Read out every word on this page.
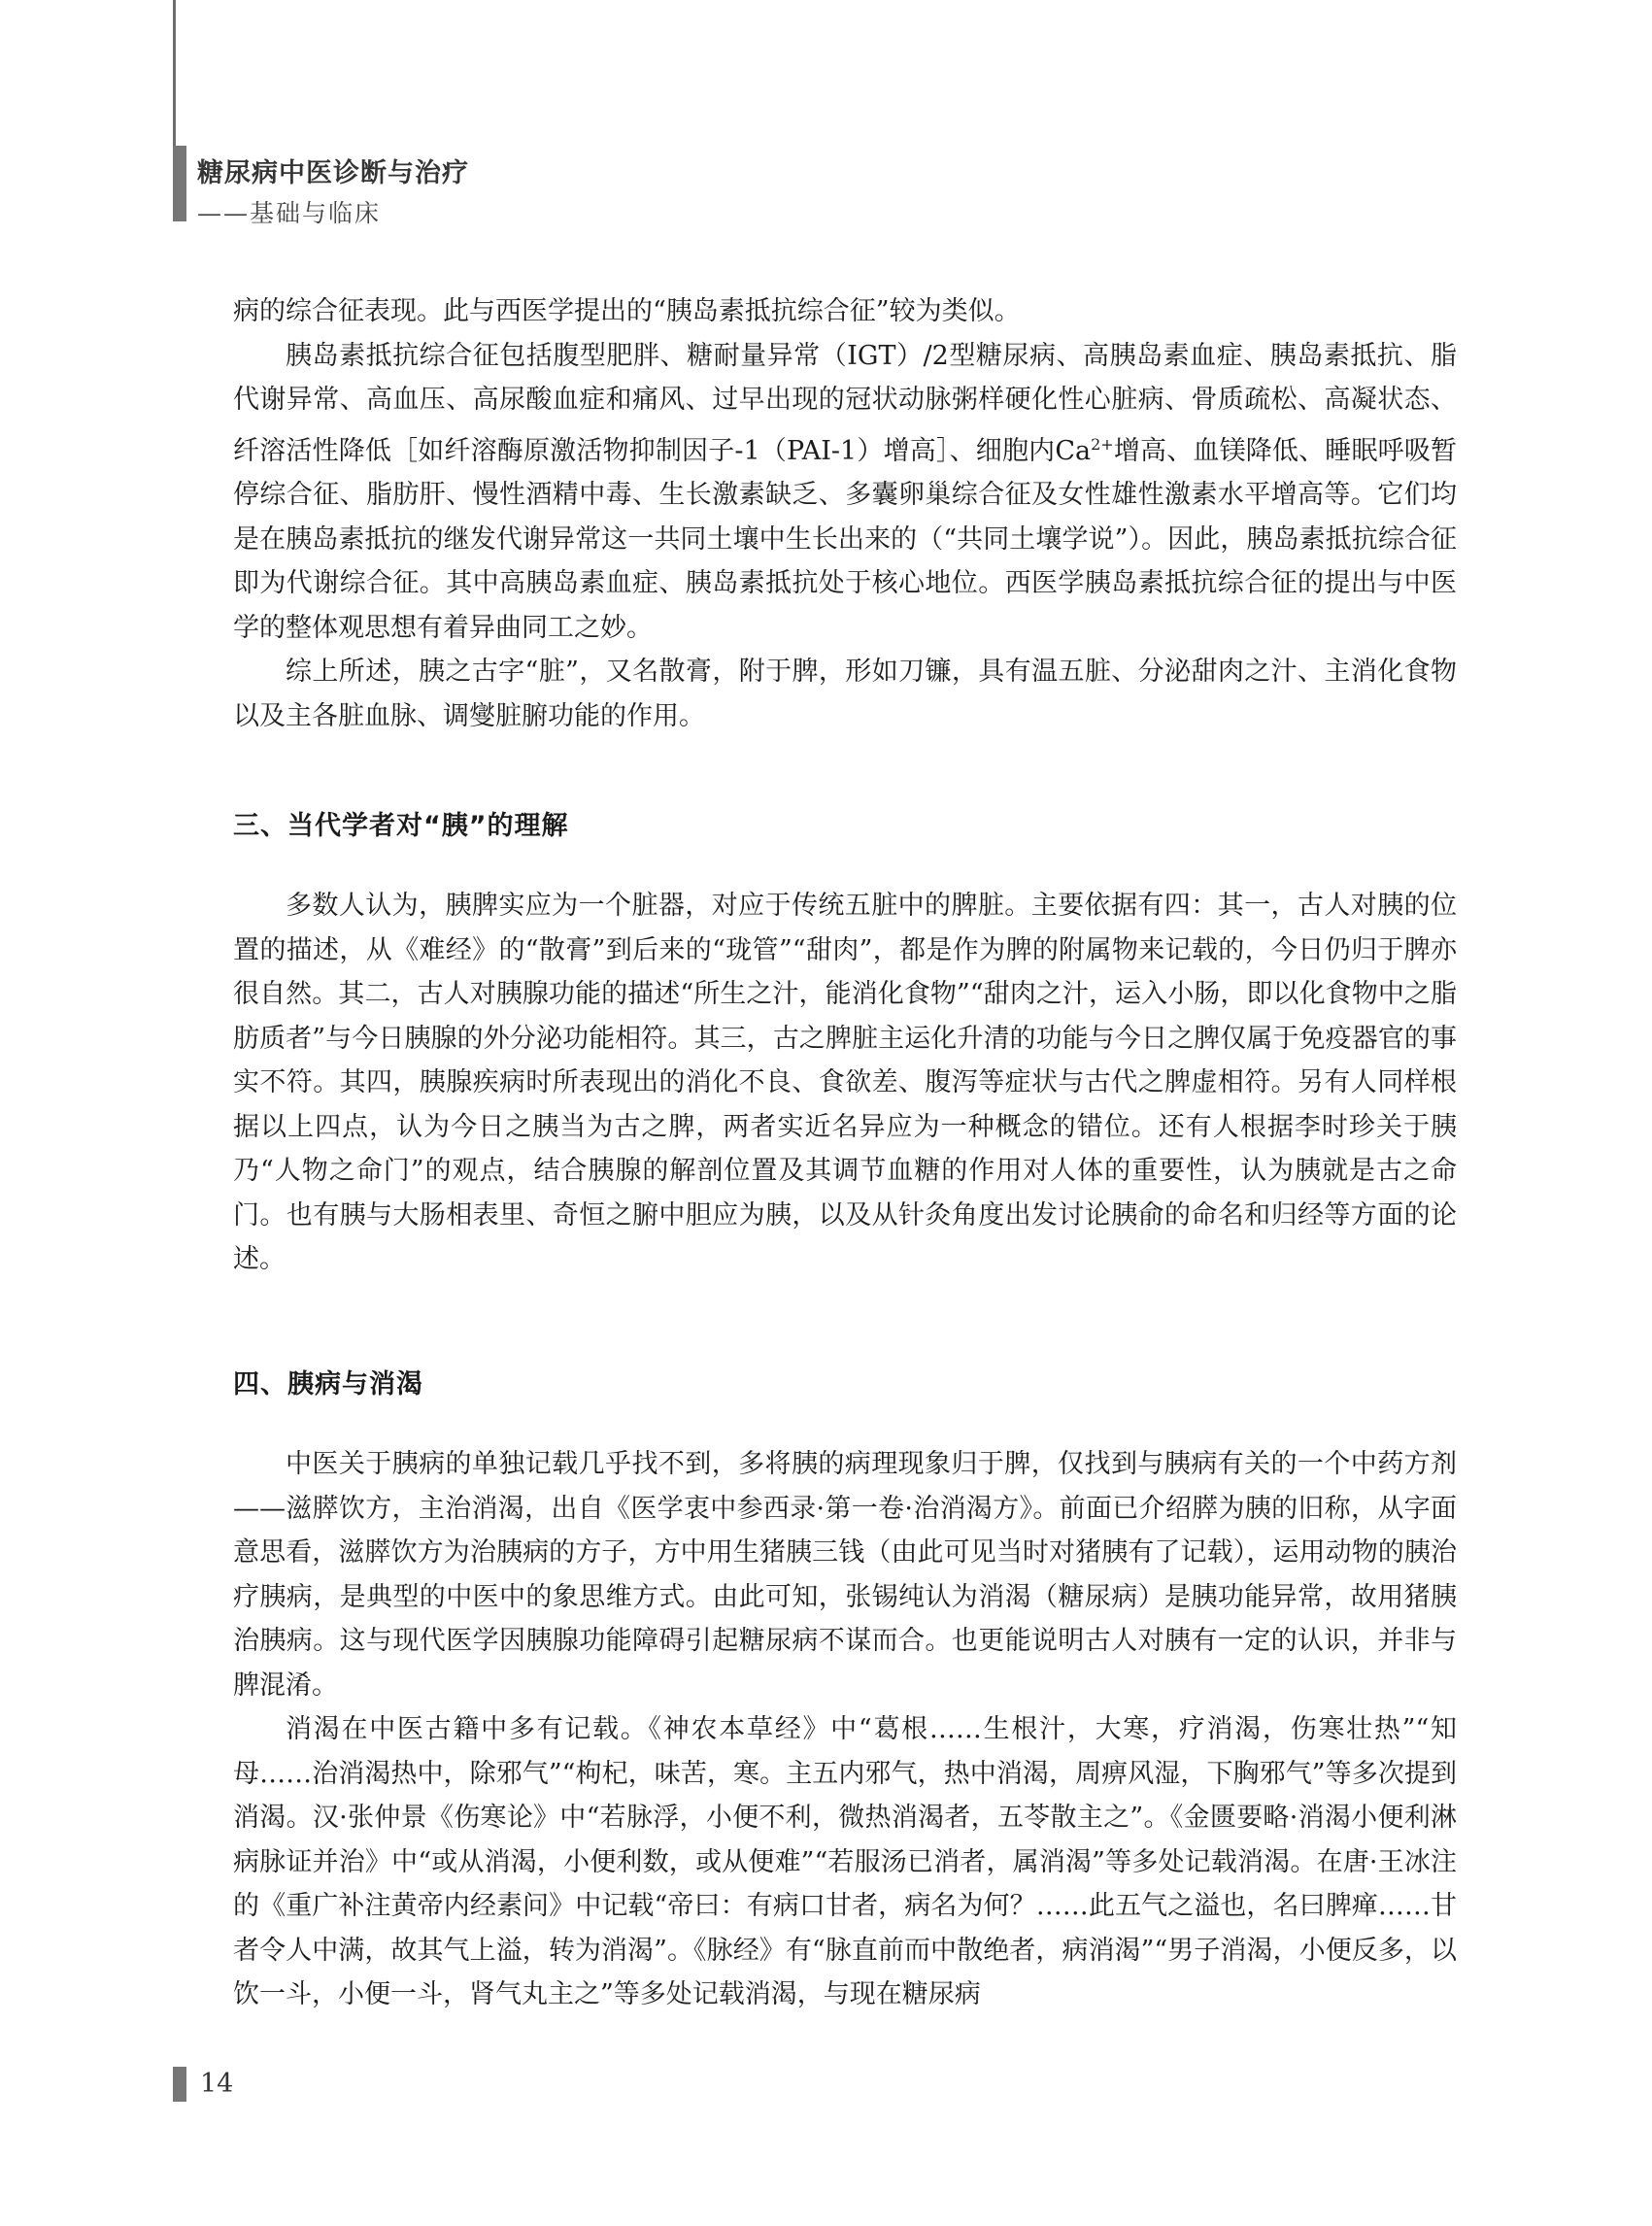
糖尿病中医诊断与治疗
——基础与临床

病的综合征表现。此与西医学提出的“胰岛素抵抗综合征”较为类似。

胰岛素抵抗综合征包括腹型肥胖、糖耐量异常（IGT）/2型糖尿病、高胰岛素血症、胰岛素抵抗、脂代谢异常、高血压、高尿酸血症和痛风、过早出现的冠状动脉粥样硬化性心脏病、骨质疏松、高凝状态、纤溶活性降低［如纤溶酶原激活物抑制因子-1（PAI-1）增高］、细胞内$Ca^{2+}$增高、血镁降低、睡眠呼吸暂停综合征、脂肪肝、慢性酒精中毒、生长激素缺乏、多囊卵巢综合征及女性雄性激素水平增高等。它们均是在胰岛素抵抗的继发代谢异常这一共同土壤中生长出来的（“共同土壤学说”）。因此，胰岛素抵抗综合征即为代谢综合征。其中高胰岛素血症、胰岛素抵抗处于核心地位。西医学胰岛素抵抗综合征的提出与中医学的整体观思想有着异曲同工之妙。

综上所述，胰之古字“脏”，又名散膏，附于脾，形如刀镰，具有温五脏、分泌甜肉之汁、主消化食物以及主各脏血脉、调燮脏腑功能的作用。

三、当代学者对“胰”的理解

多数人认为，胰脾实应为一个脏器，对应于传统五脏中的脾脏。主要依据有四：其一，古人对胰的位置的描述，从《难经》的“散膏”到后来的“珑管”“甜肉”，都是作为脾的附属物来记载的，今日仍归于脾亦很自然。其二，古人对胰腺功能的描述“所生之汁，能消化食物”“甜肉之汁，运入小肠，即以化食物中之脂肪质者”与今日胰腺的外分泌功能相符。其三，古之脾脏主运化升清的功能与今日之脾仅属于免疫器官的事实不符。其四，胰腺疾病时所表现出的消化不良、食欲差、腹泻等症状与古代之脾虚相符。另有人同样根据以上四点，认为今日之胰当为古之脾，两者实近名异应为一种概念的错位。还有人根据李时珍关于胰乃“人物之命门”的观点，结合胰腺的解剖位置及其调节血糖的作用对人体的重要性，认为胰就是古之命门。也有胰与大肠相表里、奇恒之腑中胆应为胰，以及从针灸角度出发讨论胰俞的命名和归经等方面的论述。

四、胰病与消渴

中医关于胰病的单独记载几乎找不到，多将胰的病理现象归于脾，仅找到与胰病有关的一个中药方剂——滋膵饮方，主治消渴，出自《医学衷中参西录·第一卷·治消渴方》。前面已介绍膵为胰的旧称，从字面意思看，滋膵饮方为治胰病的方子，方中用生猪胰三钱（由此可见当时对猪胰有了记载），运用动物的胰治疗胰病，是典型的中医中的象思维方式。由此可知，张锡纯认为消渴（糖尿病）是胰功能异常，故用猪胰治胰病。这与现代医学因胰腺功能障碍引起糖尿病不谋而合。也更能说明古人对胰有一定的认识，并非与脾混淆。

消渴在中医古籍中多有记载。《神农本草经》中“葛根……生根汁，大寒，疗消渴，伤寒壮热”“知母……治消渴热中，除邪气”“枸杞，味苦，寒。主五内邪气，热中消渴，周痹风湿，下胸邪气”等多次提到消渴。汉·张仲景《伤寒论》中“若脉浮，小便不利，微热消渴者，五苓散主之”。《金匮要略·消渴小便利淋病脉证并治》中“或从消渴，小便利数，或从便难”“若服汤已消者，属消渴”等多处记载消渴。在唐·王冰注的《重广补注黄帝内经素问》中记载“帝曰：有病口甘者，病名为何？……此五气之溢也，名曰脾瘅……甘者令人中满，故其气上溢，转为消渴”。《脉经》有“脉直前而中散绝者，病消渴”“男子消渴，小便反多，以饮一斗，小便一斗，肾气丸主之”等多处记载消渴，与现在糖尿病

14
